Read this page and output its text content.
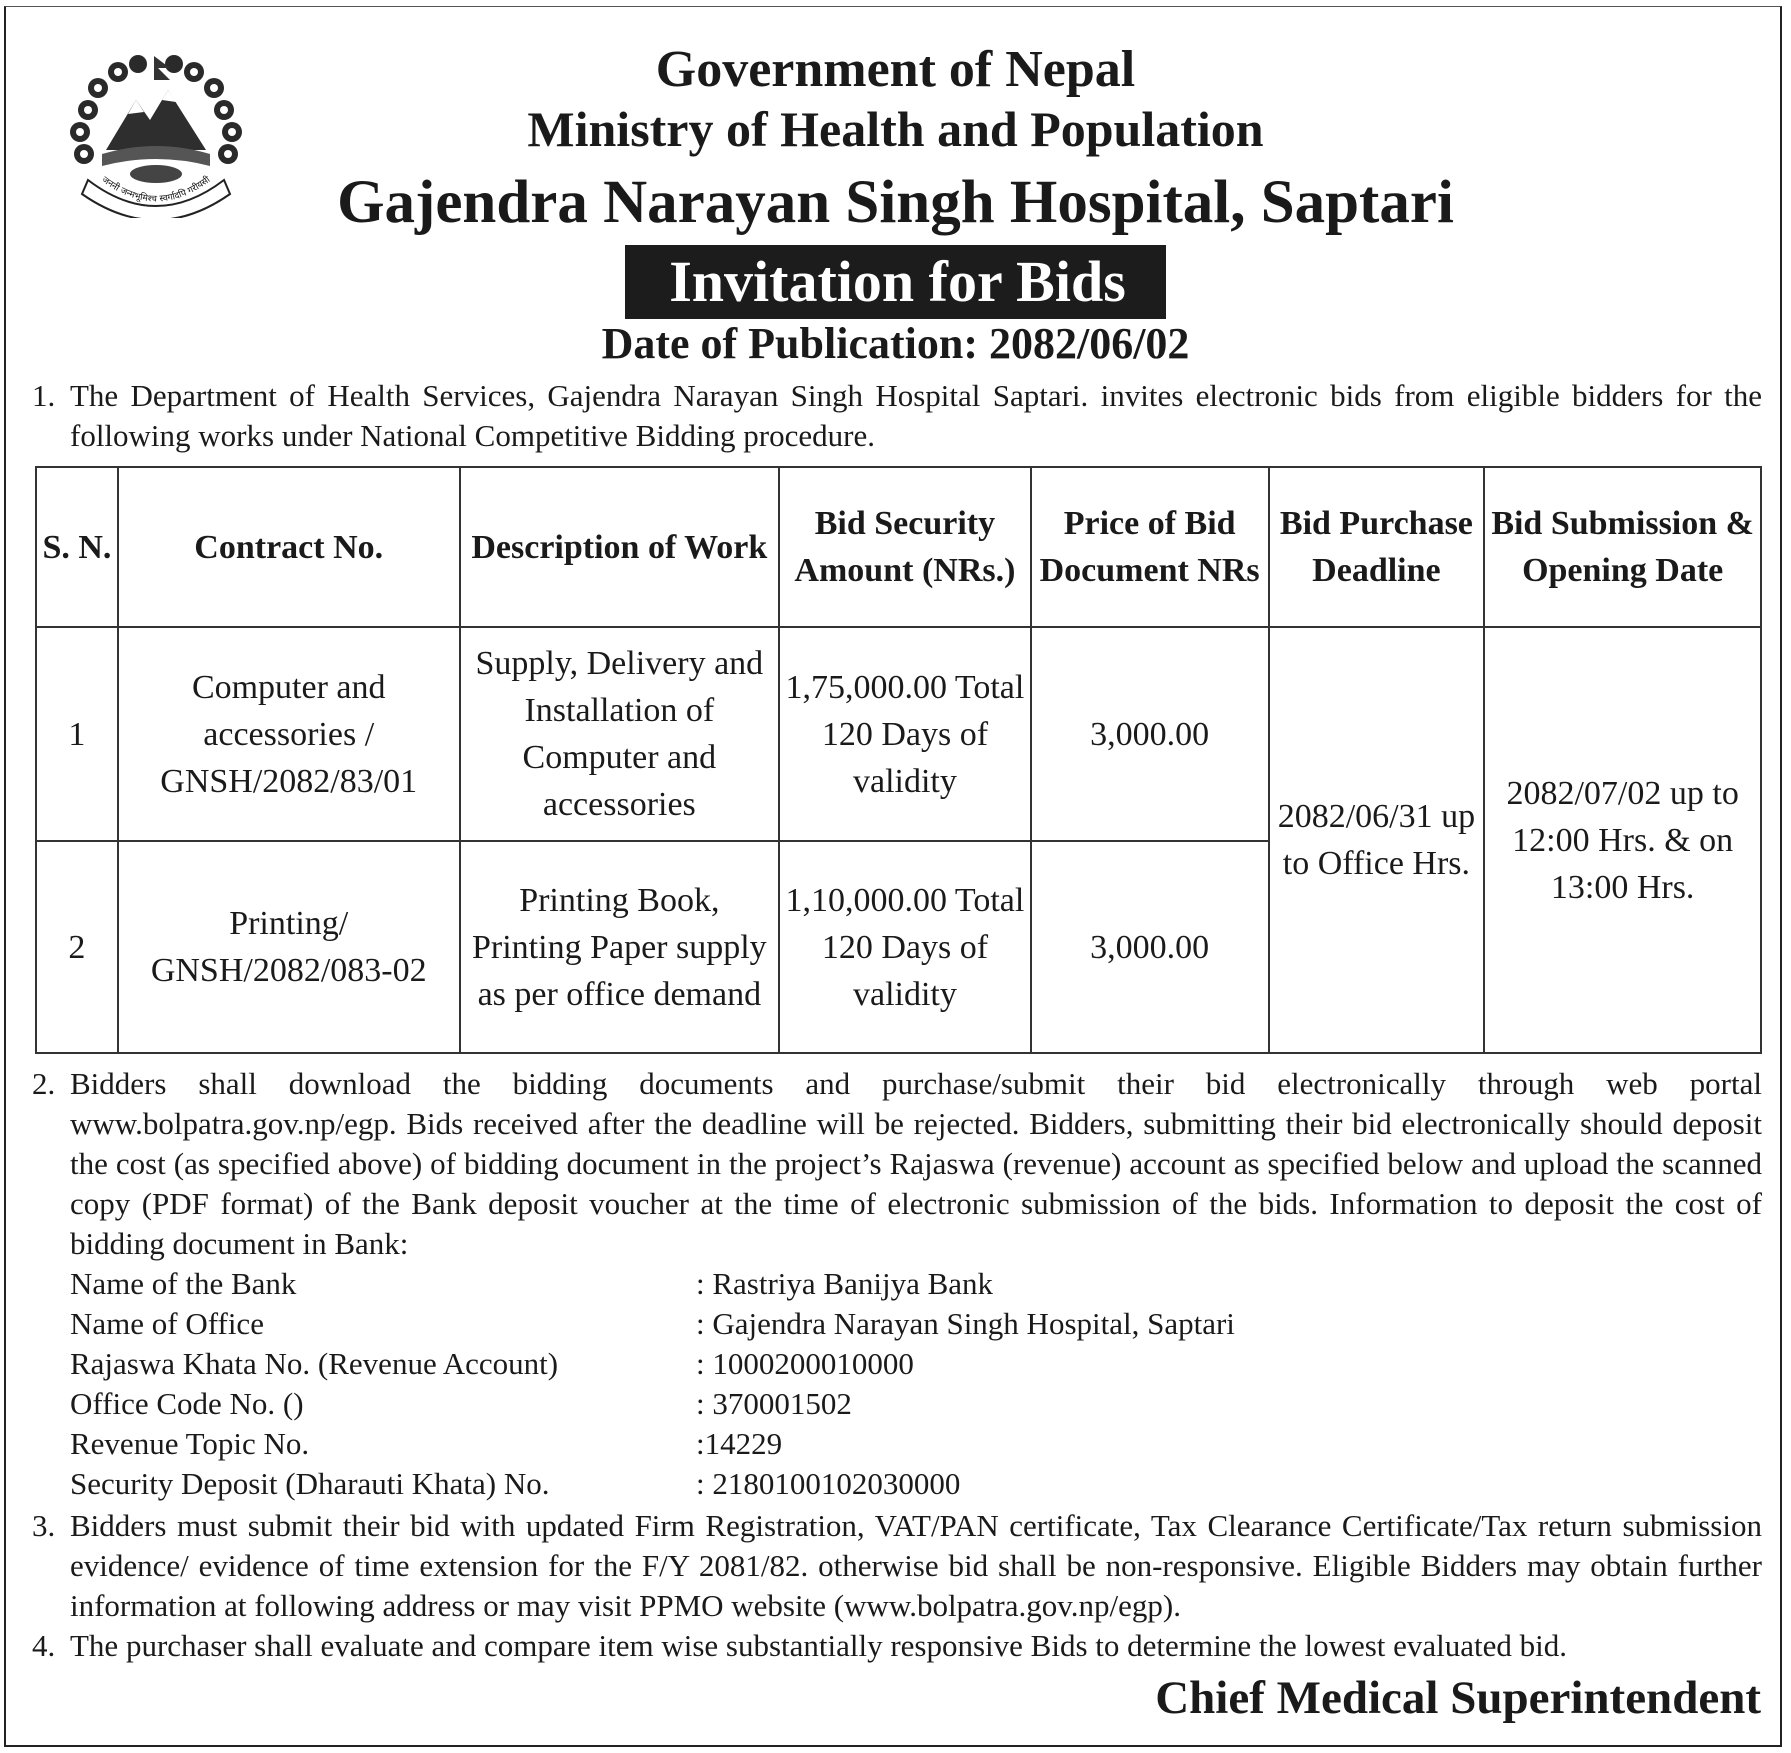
जननी जन्मभूमिश्च स्वर्गादपि गरीयसी
Government of Nepal
Ministry of Health and Population
Gajendra Narayan Singh Hospital, Saptari
Invitation for Bids
Date of Publication: 2082/06/02
1. The Department of Health Services, Gajendra Narayan Singh Hospital Saptari. invites electronic bids from eligible bidders for the following works under National Competitive Bidding procedure.
S. N.	Contract No.	Description of Work	Bid Security Amount (NRs.)	Price of Bid Document NRs	Bid Purchase Deadline	Bid Submission & Opening Date
1	Computer and accessories / GNSH/2082/83/01	Supply, Delivery and Installation of Computer and accessories	1,75,000.00 Total 120 Days of validity	3,000.00	2082/06/31 up to Office Hrs.	2082/07/02 up to 12:00 Hrs. & on 13:00 Hrs.
2	Printing/ GNSH/2082/083-02	Printing Book, Printing Paper supply as per office demand	1,10,000.00 Total 120 Days of validity	3,000.00		
2. Bidders shall download the bidding documents and purchase/submit their bid electronically through web portal www.bolpatra.gov.np/egp. Bids received after the deadline will be rejected. Bidders, submitting their bid electronically should deposit the cost (as specified above) of bidding document in the project’s Rajaswa (revenue) account as specified below and upload the scanned copy (PDF format) of the Bank deposit voucher at the time of electronic submission of the bids. Information to deposit the cost of bidding document in Bank:
Name of the Bank	: Rastriya Banijya Bank
Name of Office	: Gajendra Narayan Singh Hospital, Saptari
Rajaswa Khata No. (Revenue Account)	: 1000200010000
Office Code No. ()	: 370001502
Revenue Topic No.	:14229
Security Deposit (Dharauti Khata) No.	: 2180100102030000
3. Bidders must submit their bid with updated Firm Registration, VAT/PAN certificate, Tax Clearance Certificate/Tax return submission evidence/ evidence of time extension for the F/Y 2081/82. otherwise bid shall be non-responsive. Eligible Bidders may obtain further information at following address or may visit PPMO website (www.bolpatra.gov.np/egp).
4. The purchaser shall evaluate and compare item wise substantially responsive Bids to determine the lowest evaluated bid.
Chief Medical Superintendent
